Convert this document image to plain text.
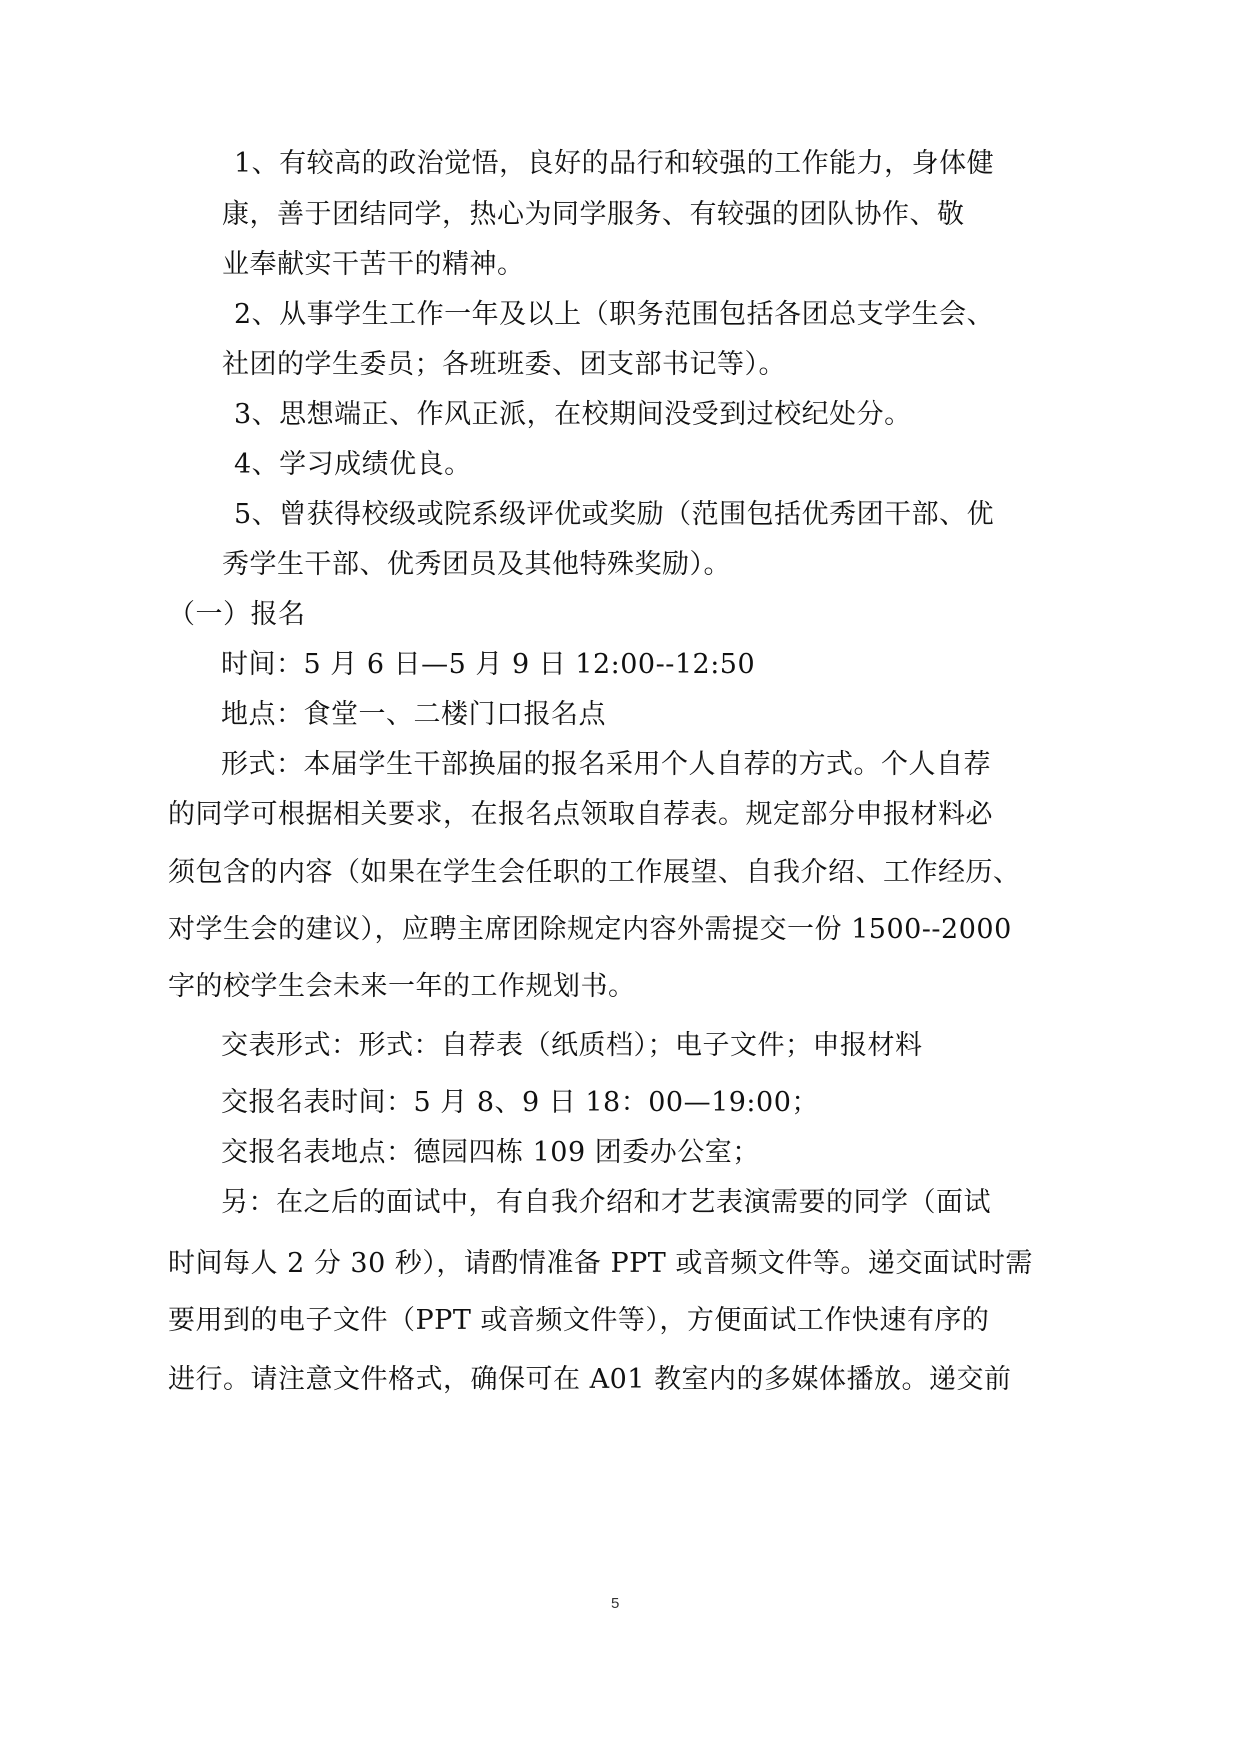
1、有较高的政治觉悟，良好的品行和较强的工作能力，身体健
康，善于团结同学，热心为同学服务、有较强的团队协作、敬
业奉献实干苦干的精神。
2、从事学生工作一年及以上（职务范围包括各团总支学生会、
社团的学生委员；各班班委、团支部书记等）。
3、思想端正、作风正派，在校期间没受到过校纪处分。
4、学习成绩优良。
5、曾获得校级或院系级评优或奖励（范围包括优秀团干部、优
秀学生干部、优秀团员及其他特殊奖励）。
（一）报名
时间：5 月 6 日—5 月 9 日 12:00--12:50
地点：食堂一、二楼门口报名点
形式：本届学生干部换届的报名采用个人自荐的方式。个人自荐
的同学可根据相关要求，在报名点领取自荐表。规定部分申报材料必
须包含的内容（如果在学生会任职的工作展望、自我介绍、工作经历、
对学生会的建议），应聘主席团除规定内容外需提交一份 1500--2000
字的校学生会未来一年的工作规划书。
交表形式：形式：自荐表（纸质档）；电子文件；申报材料
交报名表时间：5 月 8、9 日 18：00—19:00；
交报名表地点：德园四栋 109 团委办公室；
另：在之后的面试中，有自我介绍和才艺表演需要的同学（面试
时间每人 2 分 30 秒），请酌情准备 PPT 或音频文件等。递交面试时需
要用到的电子文件（PPT 或音频文件等），方便面试工作快速有序的
进行。请注意文件格式，确保可在 A01 教室内的多媒体播放。递交前
5
